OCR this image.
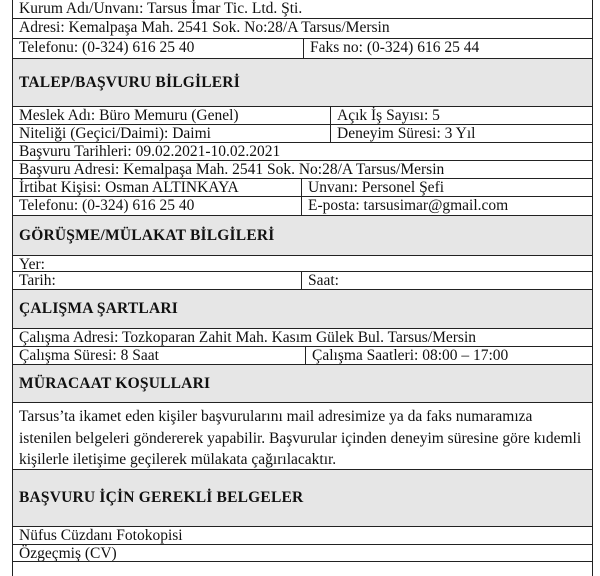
Kurum Adı/Unvanı: Tarsus İmar Tic. Ltd. Şti.
Adresi: Kemalpaşa Mah. 2541 Sok. No:28/A Tarsus/Mersin
Telefonu: (0-324) 616 25 40	Faks no: (0-324) 616 25 44
TALEP/BAŞVURU BİLGİLERİ
Meslek Adı: Büro Memuru (Genel)	Açık İş Sayısı: 5
Niteliği (Geçici/Daimi): Daimi	Deneyim Süresi: 3 Yıl
Başvuru Tarihleri: 09.02.2021-10.02.2021
Başvuru Adresi: Kemalpaşa Mah. 2541 Sok. No:28/A Tarsus/Mersin
İrtibat Kişisi: Osman ALTINKAYA	Unvanı: Personel Şefi
Telefonu: (0-324) 616 25 40	E-posta: tarsusimar@gmail.com
GÖRÜŞME/MÜLAKAT BİLGİLERİ
Yer:
Tarih:	Saat:
ÇALIŞMA ŞARTLARI
Çalışma Adresi: Tozkoparan Zahit Mah. Kasım Gülek Bul. Tarsus/Mersin
Çalışma Süresi: 8 Saat	Çalışma Saatleri: 08:00 – 17:00
MÜRACAAT KOŞULLARI
Tarsus’ta ikamet eden kişiler başvurularını mail adresimize ya da faks numaramıza istenilen belgeleri göndererek yapabilir. Başvurular içinden deneyim süresine göre kıdemli kişilerle iletişime geçilerek mülakata çağırılacaktır.
BAŞVURU İÇİN GEREKLİ BELGELER
Nüfus Cüzdanı Fotokopisi
Özgeçmiş (CV)
